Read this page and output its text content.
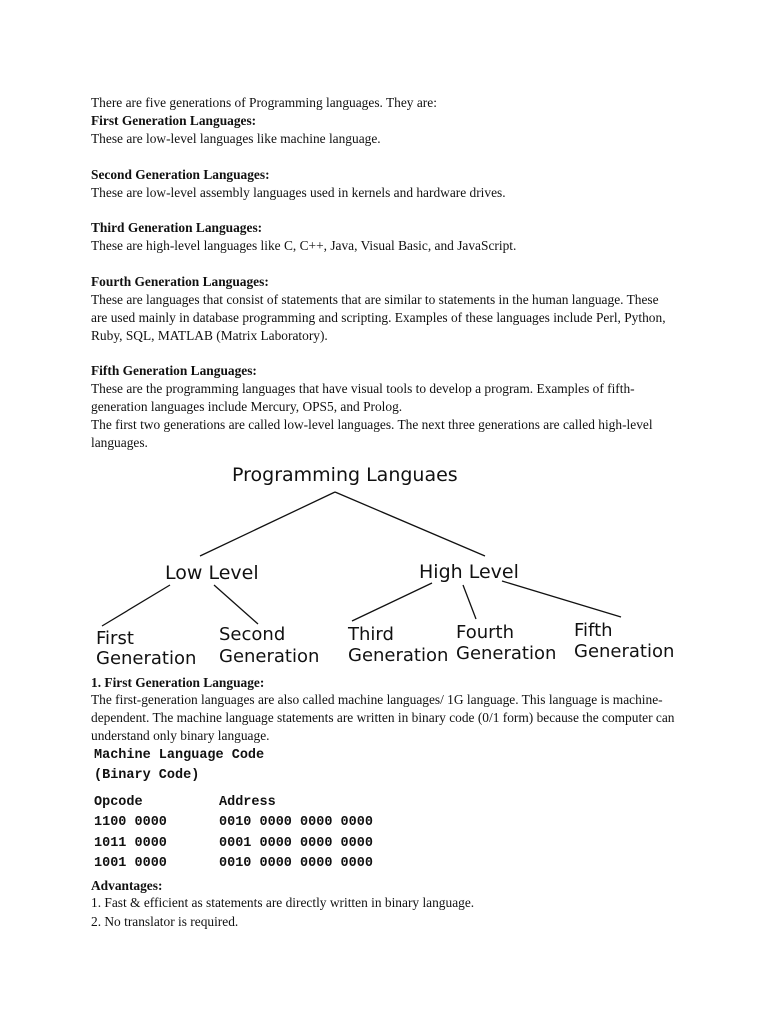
There are five generations of Programming languages. They are:
First Generation Languages:
These are low-level languages like machine language.
Second Generation Languages:
These are low-level assembly languages used in kernels and hardware drives.
Third Generation Languages:
These are high-level languages like C, C++, Java, Visual Basic, and JavaScript.
Fourth Generation Languages:
These are languages that consist of statements that are similar to statements in the human language. These are used mainly in database programming and scripting. Examples of these languages include Perl, Python, Ruby, SQL, MATLAB (Matrix Laboratory).
Fifth Generation Languages:
These are the programming languages that have visual tools to develop a program. Examples of fifth-generation languages include Mercury, OPS5, and Prolog.
The first two generations are called low-level languages. The next three generations are called high-level languages.
Programming Languaes
Low Level	High Level
First
Generation
Second
Generation
Third
Generation
Fourth
Generation
Fifth
Generation
1. First Generation Language:
The first-generation languages are also called machine languages/ 1G language. This language is machine-dependent. The machine language statements are written in binary code (0/1 form) because the computer can understand only binary language.
Machine Language Code
(Binary Code)
Opcode	Address
1100 0000	0010 0000 0000 0000
1011 0000	0001 0000 0000 0000
1001 0000	0010 0000 0000 0000
Advantages:
1. Fast & efficient as statements are directly written in binary language.
2. No translator is required.
